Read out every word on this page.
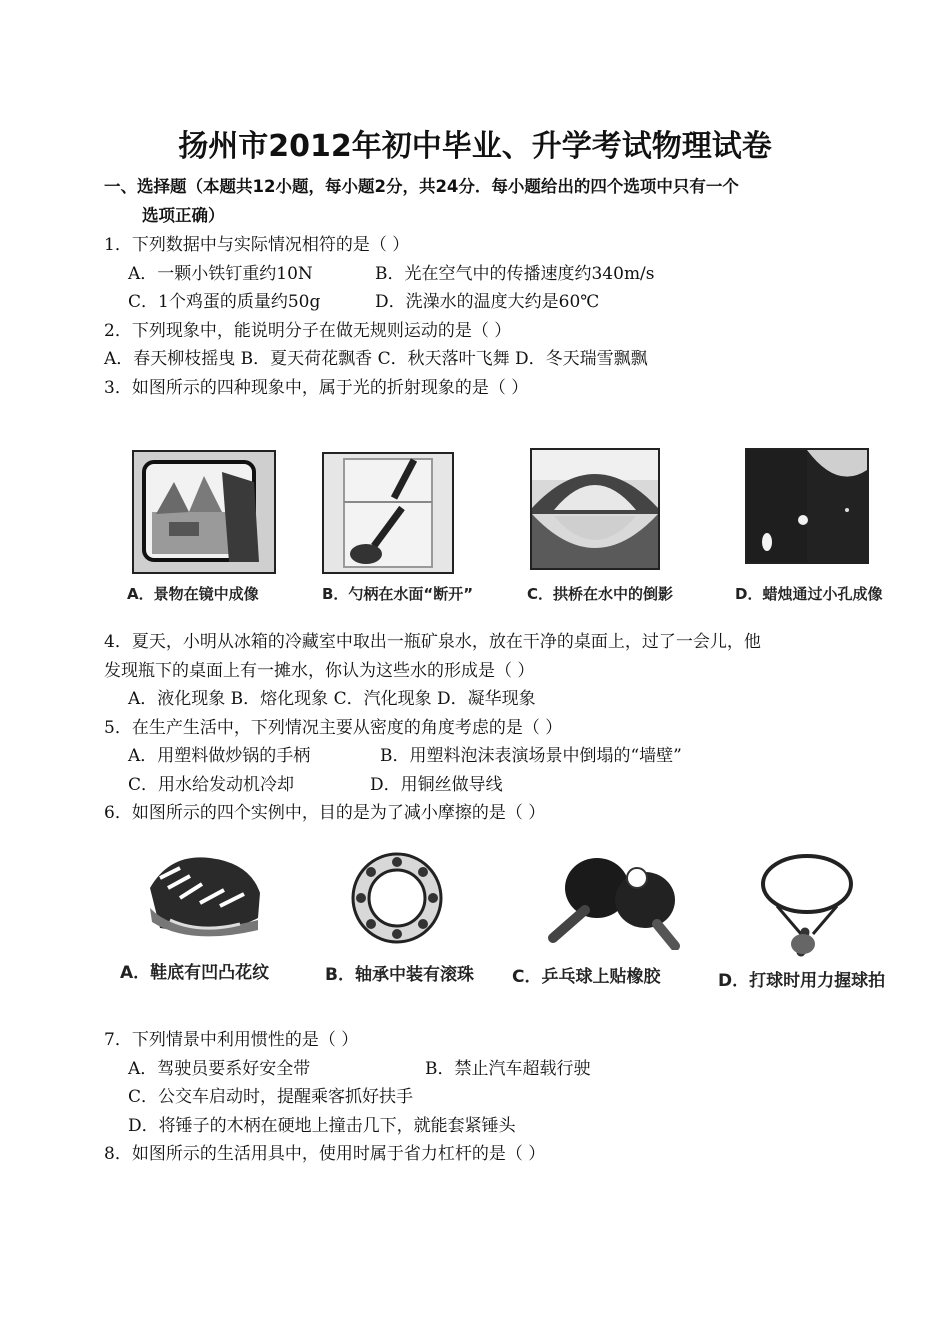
扬州市2012年初中毕业、升学考试物理试卷
一、选择题（本题共12小题，每小题2分，共24分．每小题给出的四个选项中只有一个
选项正确）
1．下列数据中与实际情况相符的是（ ）
A．一颗小铁钉重约10N	B．光在空气中的传播速度约340m/s
C．1个鸡蛋的质量约50g	D．洗澡水的温度大约是60℃
2．下列现象中，能说明分子在做无规则运动的是（ ）
A．春天柳枝摇曳 B．夏天荷花飘香 C．秋天落叶飞舞 D．冬天瑞雪飘飘
3．如图所示的四种现象中，属于光的折射现象的是（ ）
A．景物在镜中成像	B．勺柄在水面“断开”	C．拱桥在水中的倒影	D．蜡烛通过小孔成像
4．夏天，小明从冰箱的冷藏室中取出一瓶矿泉水，放在干净的桌面上，过了一会儿，他
发现瓶下的桌面上有一摊水，你认为这些水的形成是（ ）
A．液化现象 B．熔化现象 C．汽化现象 D．凝华现象
5．在生产生活中，下列情况主要从密度的角度考虑的是（ ）
A．用塑料做炒锅的手柄	B．用塑料泡沫表演场景中倒塌的“墙壁”
C．用水给发动机冷却	D．用铜丝做导线
6．如图所示的四个实例中，目的是为了减小摩擦的是（ ）
A．鞋底有凹凸花纹	B．轴承中装有滚珠 C．乒乓球上贴橡胶	D．打球时用力握球拍
7．下列情景中利用惯性的是（ ）
A．驾驶员要系好安全带	B．禁止汽车超载行驶
C．公交车启动时，提醒乘客抓好扶手
D．将锤子的木柄在硬地上撞击几下，就能套紧锤头
8．如图所示的生活用具中，使用时属于省力杠杆的是（ ）
